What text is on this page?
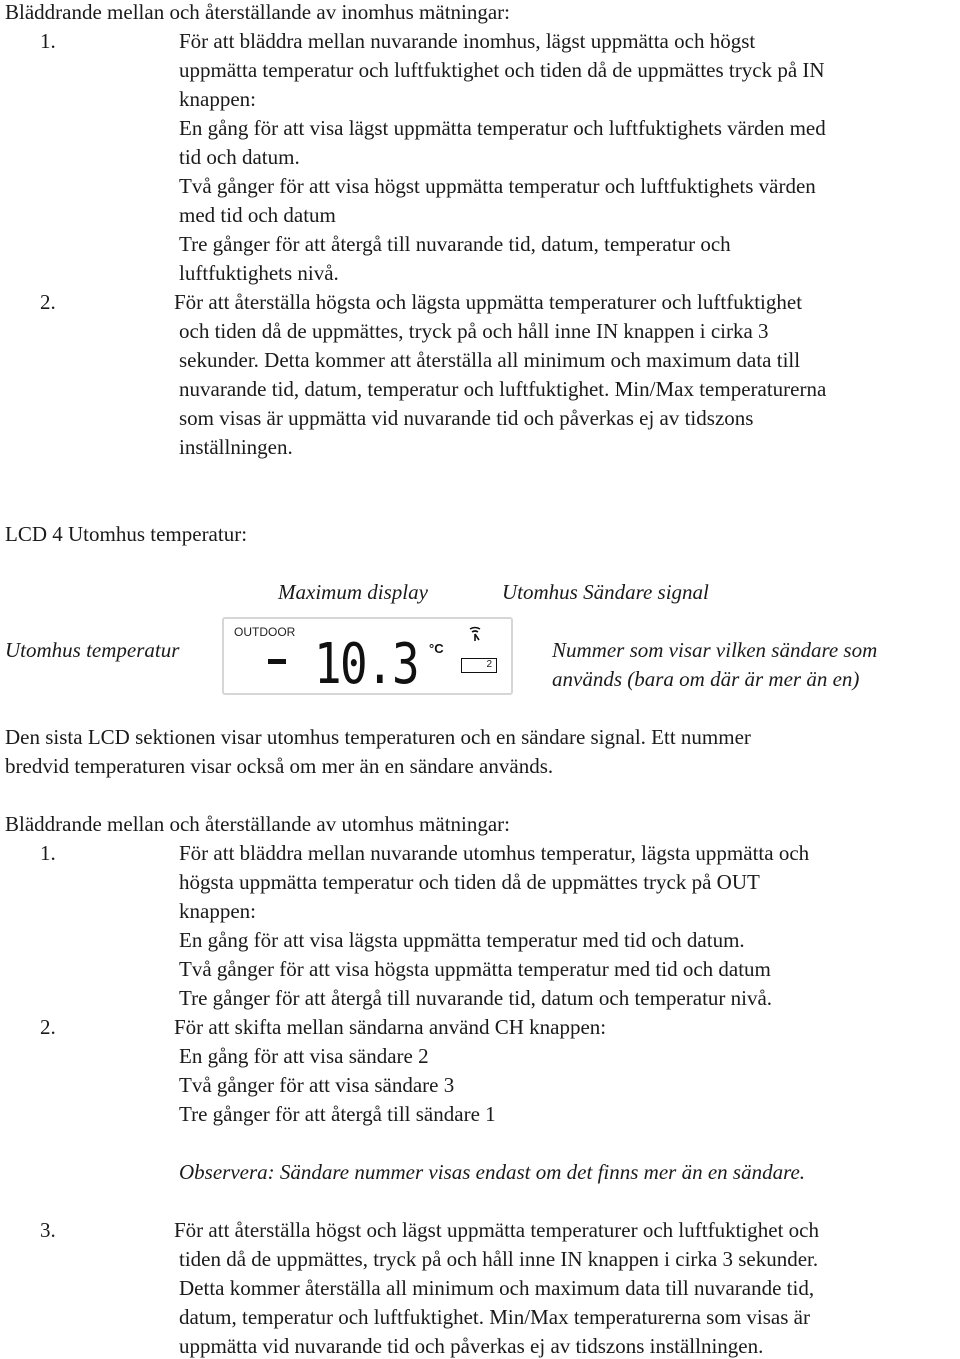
Bläddrande mellan och återställande av inomhus mätningar:
1.	För att bläddra mellan nuvarande inomhus, lägst uppmätta och högst
uppmätta temperatur och luftfuktighet och tiden då de uppmättes tryck på IN
knappen:
En gång för att visa lägst uppmätta temperatur och luftfuktighets värden med
tid och datum.
Två gånger för att visa högst uppmätta temperatur och luftfuktighets värden
med tid och datum
Tre gånger för att återgå till nuvarande tid, datum, temperatur och
luftfuktighets nivå.
2.	För att återställa högsta och lägsta uppmätta temperaturer och luftfuktighet
och tiden då de uppmättes, tryck på och håll inne IN knappen i cirka 3
sekunder. Detta kommer att återställa all minimum och maximum data till
nuvarande tid, datum, temperatur och luftfuktighet. Min/Max temperaturerna
som visas är uppmätta vid nuvarande tid och påverkas ej av tidszons
inställningen.
LCD 4 Utomhus temperatur:
Maximum display	Utomhus Sändare signal
Utomhus temperatur	Nummer som visar vilken sändare som
används (bara om där är mer än en)
OUTDOOR 10.3 °C
2
Den sista LCD sektionen visar utomhus temperaturen och en sändare signal. Ett nummer
bredvid temperaturen visar också om mer än en sändare används.
Bläddrande mellan och återställande av utomhus mätningar:
1.	För att bläddra mellan nuvarande utomhus temperatur, lägsta uppmätta och
högsta uppmätta temperatur och tiden då de uppmättes tryck på OUT
knappen:
En gång för att visa lägsta uppmätta temperatur med tid och datum.
Två gånger för att visa högsta uppmätta temperatur med tid och datum
Tre gånger för att återgå till nuvarande tid, datum och temperatur nivå.
2.	För att skifta mellan sändarna använd CH knappen:
En gång för att visa sändare 2
Två gånger för att visa sändare 3
Tre gånger för att återgå till sändare 1
Observera: Sändare nummer visas endast om det finns mer än en sändare.
3.	För att återställa högst och lägst uppmätta temperaturer och luftfuktighet och
tiden då de uppmättes, tryck på och håll inne IN knappen i cirka 3 sekunder.
Detta kommer återställa all minimum och maximum data till nuvarande tid,
datum, temperatur och luftfuktighet. Min/Max temperaturerna som visas är
uppmätta vid nuvarande tid och påverkas ej av tidszons inställningen.
